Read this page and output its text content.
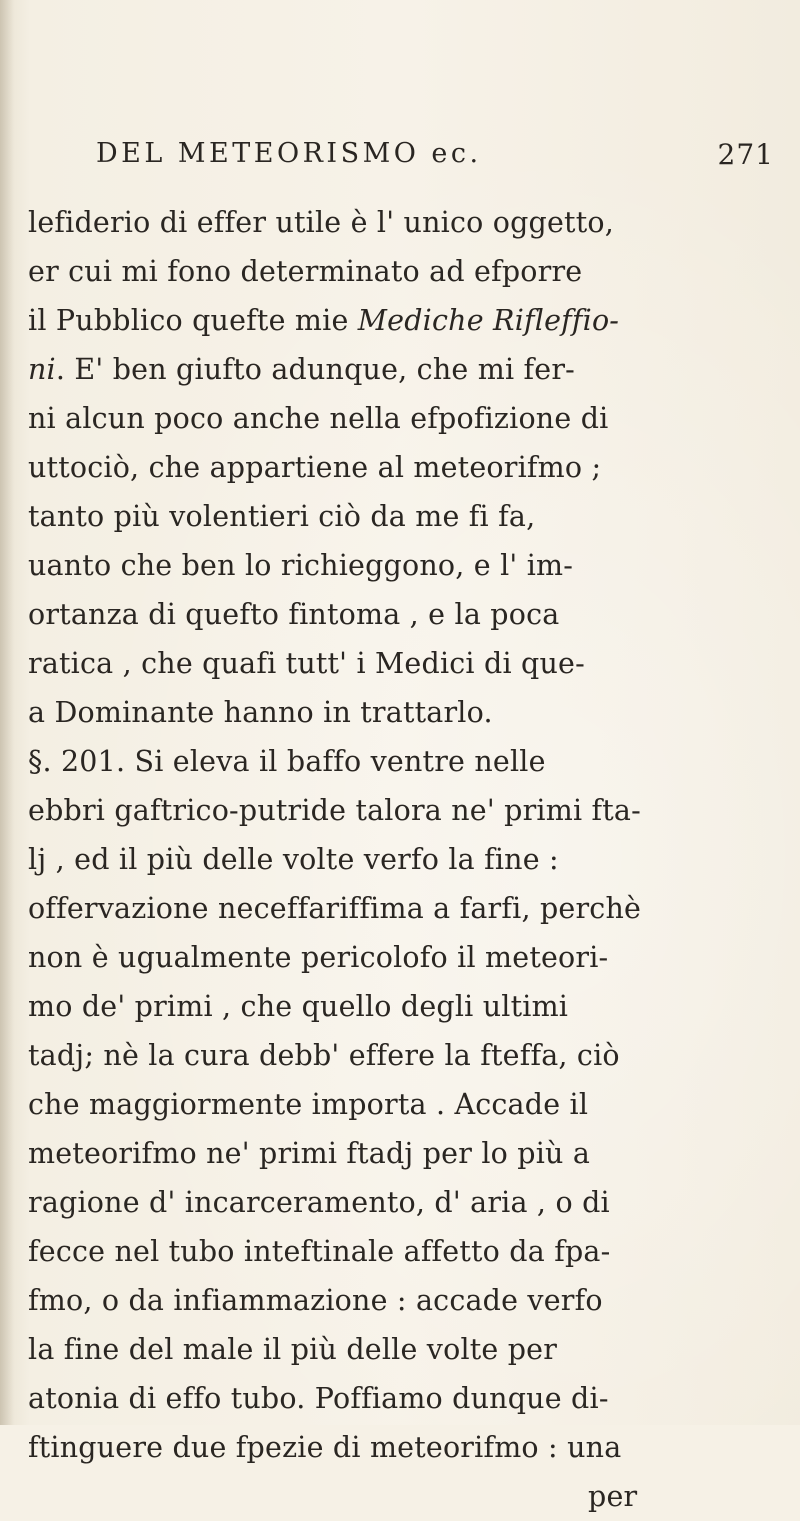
DEL METEORISMO ec.	271
lefiderio di effer utile è l' unico oggetto,
er cui mi fono determinato ad efporre
il Pubblico quefte mie Mediche Rifleffio-
ni. E' ben giufto adunque, che mi fer-
ni alcun poco anche nella efpofizione di
uttociò, che appartiene al meteorifmo ;
tanto più volentieri ciò da me fi fa,
uanto che ben lo richieggono, e l' im-
ortanza di quefto fintoma , e la poca
ratica , che quafi tutt' i Medici di que-
a Dominante hanno in trattarlo.
§. 201. Si eleva il baffo ventre nelle
ebbri gaftrico-putride talora ne' primi fta-
lj , ed il più delle volte verfo la fine :
offervazione neceffariffima a farfi, perchè
non è ugualmente pericolofo il meteori-
mo de' primi , che quello degli ultimi
tadj; nè la cura debb' effere la fteffa, ciò
che maggiormente importa . Accade il
meteorifmo ne' primi ftadj per lo più a
ragione d' incarceramento, d' aria , o di
fecce nel tubo inteftinale affetto da fpa-
fmo, o da infiammazione : accade verfo
la fine del male il più delle volte per
atonia di effo tubo. Poffiamo dunque di-
ftinguere due fpezie di meteorifmo : una
per
